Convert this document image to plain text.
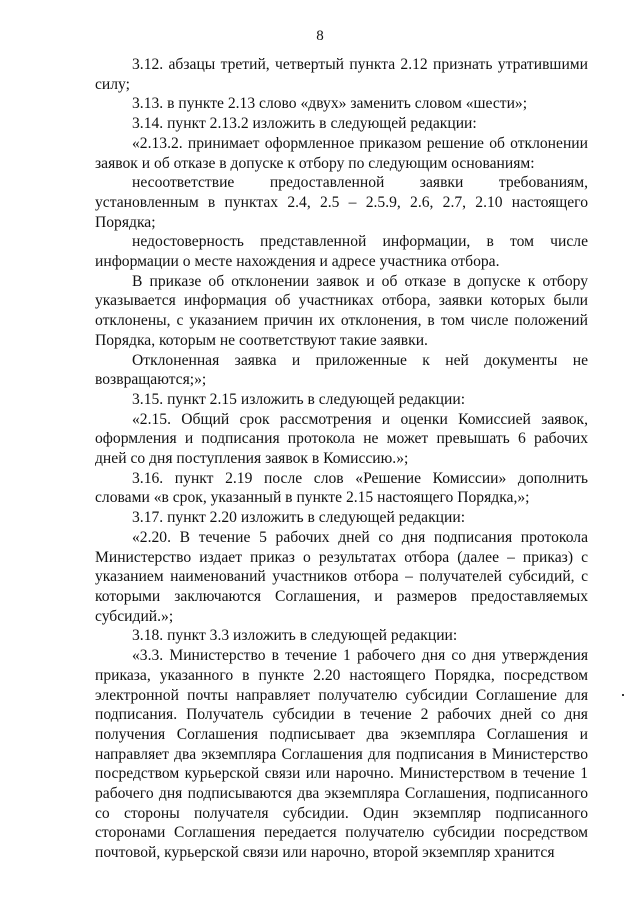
8

3.12. абзацы третий, четвертый пункта 2.12 признать утратившими силу;

3.13. в пункте 2.13 слово «двух» заменить словом «шести»;

3.14. пункт 2.13.2 изложить в следующей редакции:

«2.13.2. принимает оформленное приказом решение об отклонении заявок и об отказе в допуске к отбору по следующим основаниям:

несоответствие предоставленной заявки требованиям, установленным в пунктах 2.4, 2.5 – 2.5.9, 2.6, 2.7, 2.10 настоящего Порядка;

недостоверность представленной информации, в том числе информации о месте нахождения и адресе участника отбора.

В приказе об отклонении заявок и об отказе в допуске к отбору указывается информация об участниках отбора, заявки которых были отклонены, с указанием причин их отклонения, в том числе положений Порядка, которым не соответствуют такие заявки.

Отклоненная заявка и приложенные к ней документы не возвращаются;»;

3.15. пункт 2.15 изложить в следующей редакции:

«2.15. Общий срок рассмотрения и оценки Комиссией заявок, оформления и подписания протокола не может превышать 6 рабочих дней со дня поступления заявок в Комиссию.»;

3.16. пункт 2.19 после слов «Решение Комиссии» дополнить словами «в срок, указанный в пункте 2.15 настоящего Порядка,»;

3.17. пункт 2.20 изложить в следующей редакции:

«2.20. В течение 5 рабочих дней со дня подписания протокола Министерство издает приказ о результатах отбора (далее – приказ) с указанием наименований участников отбора – получателей субсидий, с которыми заключаются Соглашения, и размеров предоставляемых субсидий.»;

3.18. пункт 3.3 изложить в следующей редакции:

«3.3. Министерство в течение 1 рабочего дня со дня утверждения приказа, указанного в пункте 2.20 настоящего Порядка, посредством электронной почты направляет получателю субсидии Соглашение для подписания. Получатель субсидии в течение 2 рабочих дней со дня получения Соглашения подписывает два экземпляра Соглашения и направляет два экземпляра Соглашения для подписания в Министерство посредством курьерской связи или нарочно. Министерством в течение 1 рабочего дня подписываются два экземпляра Соглашения, подписанного со стороны получателя субсидии. Один экземпляр подписанного сторонами Соглашения передается получателю субсидии посредством почтовой, курьерской связи или нарочно, второй экземпляр хранится
